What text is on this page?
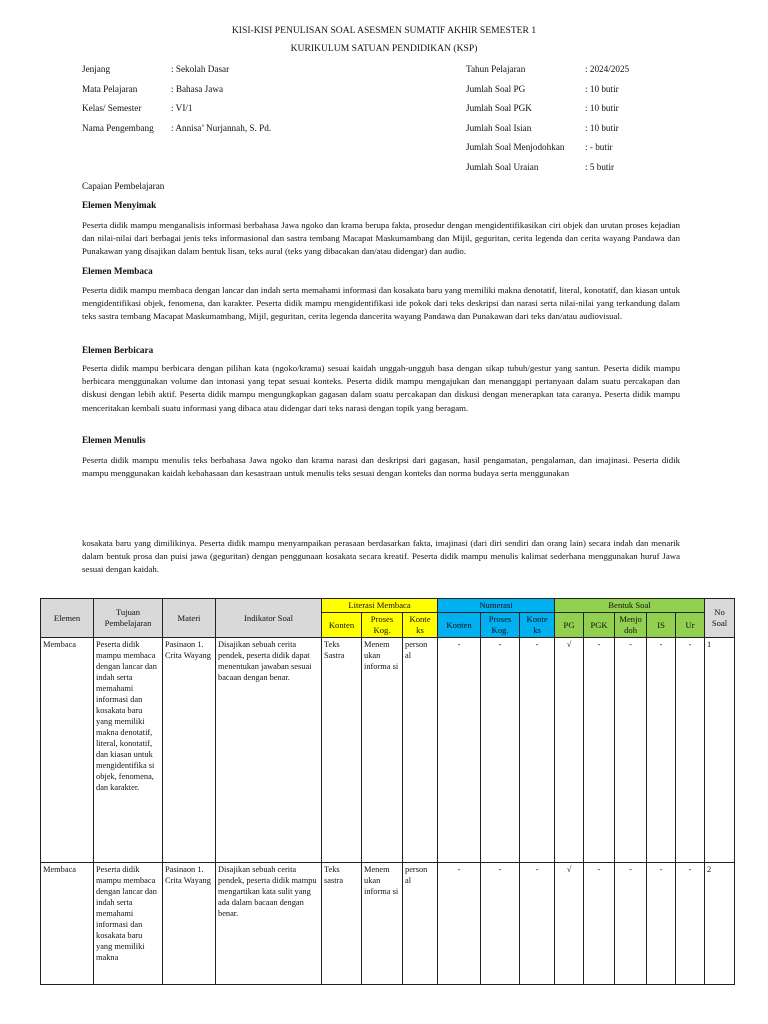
KISI-KISI PENULISAN SOAL ASESMEN SUMATIF AKHIR SEMESTER 1
KURIKULUM SATUAN PENDIDIKAN (KSP)
Jenjang	: Sekolah Dasar
Mata Pelajaran	: Bahasa Jawa
Kelas/ Semester	: VI/1
Nama Pengembang : Annisa’ Nurjannah, S. Pd.
Tahun Pelajaran	: 2024/2025
Jumlah Soal PG	: 10 butir
Jumlah Soal PGK	: 10 butir
Jumlah Soal Isian	: 10 butir
Jumlah Soal Menjodohkan : - butir
Jumlah Soal Uraian	: 5 butir
Capaian Pembelajaran
Elemen Menyimak
Peserta didik mampu menganalisis informasi berbahasa Jawa ngoko dan krama berupa fakta, prosedur dengan mengidentifikasikan ciri objek dan urutan proses kejadian dan nilai-nilai dari berbagai jenis teks informasional dan sastra tembang Macapat Maskumambang dan Mijil, geguritan, cerita legenda dan cerita wayang Pandawa dan Punakawan yang disajikan dalam bentuk lisan, teks aural (teks yang dibacakan dan/atau didengar) dan audio.
Elemen Membaca
Peserta didik mampu membaca dengan lancar dan indah serta memahami informasi dan kosakata baru yang memiliki makna denotatif, literal, konotatif, dan kiasan untuk mengidentifikasi objek, fenomena, dan karakter. Peserta didik mampu mengidentifikasi ide pokok dari teks deskripsi dan narasi serta nilai-nilai yang terkandung dalam teks sastra tembang Macapat Maskumambang, Mijil, geguritan, cerita legenda dancerita wayang Pandawa dan Punakawan dari teks dan/atau audiovisual.
Elemen Berbicara
Peserta didik mampu berbicara dengan pilihan kata (ngoko/krama) sesuai kaidah unggah-ungguh basa dengan sikap tubuh/gestur yang santun. Peserta didik mampu berbicara menggunakan volume dan intonasi yang tepat sesuai konteks. Peserta didik mampu mengajukan dan menanggapi pertanyaan dalam suatu percakapan dan diskusi dengan lebih aktif. Peserta didik mampu mengungkapkan gagasan dalam suatu percakapan dan diskusi dengan menerapkan tata caranya. Peserta didik mampu menceritakan kembali suatu informasi yang dibaca atau didengar dari teks narasi dengan topik yang beragam.
Elemen Menulis
Peserta didik mampu menulis teks berbahasa Jawa ngoko dan krama narasi dan deskripsi dari gagasan, hasil pengamatan, pengalaman, dan imajinasi. Peserta didik mampu menggunakan kaidah kebahasaan dan kesastraan untuk menulis teks sesuai dengan konteks dan norma budaya serta menggunakan
kosakata baru yang dimilikinya. Peserta didik mampu menyampaikan perasaan berdasarkan fakta, imajinasi (dari diri sendiri dan orang lain) secara indah dan menarik dalam bentuk prosa dan puisi jawa (geguritan) dengan penggunaan kosakata secara kreatif. Peserta didik mampu menulis kalimat sederhana menggunakan huruf Jawa sesuai dengan kaidah.
Elemen	Tujuan Pembelajaran	Materi	Indikator Soal	Literasi Membaca			Numerasi			Bentuk Soal					No Soal
				Konten	Proses Kog.	Konte ks	Konten	Proses Kog.	Konte ks	PG	PGK	Menjo doh	IS	Ur	
Membaca	Peserta didik mampu membaca dengan lancar dan indah serta memahami informasi dan kosakata baru yang memiliki makna denotatif, literal, konotatif, dan kiasan untuk mengidentifika si objek, fenomena, dan karakter.	Pasinaon 1. Crita Wayang	Disajikan sebuah cerita pendek, peserta didik dapat menentukan jawaban sesuai bacaan dengan benar.	Teks Sastra	Menem ukan informa si	person al	-	-	-	√	-	-	-	-	1
Membaca	Peserta didik mampu membaca dengan lancar dan indah serta memahami informasi dan kosakata baru yang memiliki makna	Pasinaon 1. Crita Wayang	Disajikan sebuah cerita pendek, peserta didik mampu mengartikan kata sulit yang ada dalam bacaan dengan benar.	Teks sastra	Menem ukan informa si	person al	-	-	-	√	-	-	-	-	2
